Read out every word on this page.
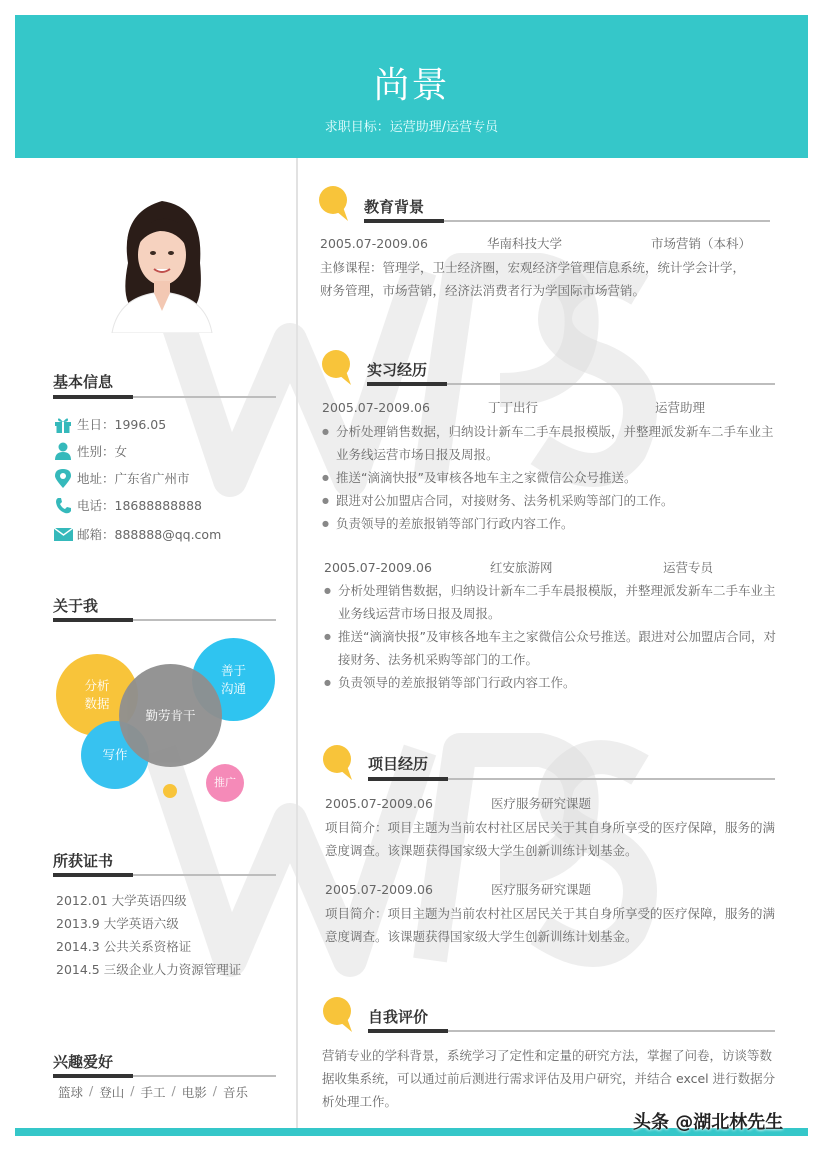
尚景
求职目标：运营助理/运营专员
基本信息
生日：1996.05
性别：女
地址：广东省广州市
电话：18688888888
邮箱：888888@qq.com
关于我
分析
数据
善于
沟通
写作
勤劳肯干
推广
所获证书
2012.01 大学英语四级
2013.9 大学英语六级
2014.3 公共关系资格证
2014.5 三级企业人力资源管理证
兴趣爱好
篮球 / 登山 / 手工 / 电影 / 音乐
教育背景
2005.07-2009.06	华南科技大学	市场营销（本科）
主修课程：管理学，卫士经济圈，宏观经济学管理信息系统，统计学会计学，
财务管理，市场营销，经济法消费者行为学国际市场营销。
实习经历
2005.07-2009.06	丁丁出行	运营助理
● 分析处理销售数据，归纳设计新车二手车晨报模版，并整理派发新车二手车业主业务线运营市场日报及周报。
● 推送“滴滴快报”及审核各地车主之家微信公众号推送。
● 跟进对公加盟店合同，对接财务、法务机采购等部门的工作。
● 负责领导的差旅报销等部门行政内容工作。
2005.07-2009.06	红安旅游网	运营专员
● 分析处理销售数据，归纳设计新车二手车晨报模版，并整理派发新车二手车业主业务线运营市场日报及周报。
● 推送“滴滴快报”及审核各地车主之家微信公众号推送。跟进对公加盟店合同，对接财务、法务机采购等部门的工作。
● 负责领导的差旅报销等部门行政内容工作。
项目经历
2005.07-2009.06	医疗服务研究课题
项目简介：项目主题为当前农村社区居民关于其自身所享受的医疗保障，服务的满意度调查。该课题获得国家级大学生创新训练计划基金。
2005.07-2009.06	医疗服务研究课题
项目简介：项目主题为当前农村社区居民关于其自身所享受的医疗保障，服务的满意度调查。该课题获得国家级大学生创新训练计划基金。
自我评价
营销专业的学科背景，系统学习了定性和定量的研究方法，掌握了问卷，访谈等数据收集系统，可以通过前后测进行需求评估及用户研究，并结合 excel 进行数据分析处理工作。
头条 @湖北林先生
